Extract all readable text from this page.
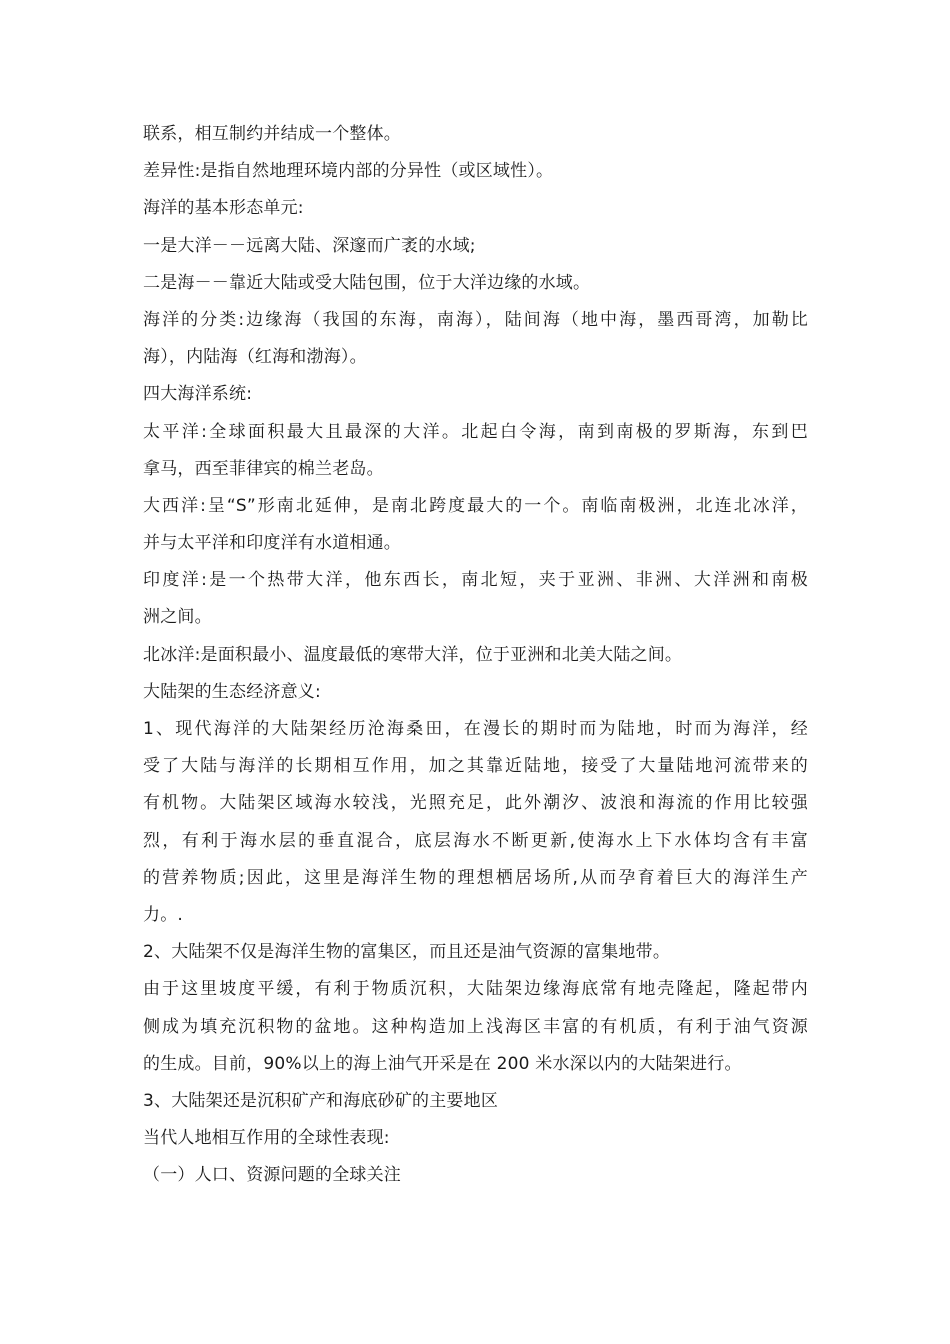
联系，相互制约并结成一个整体。
差异性:是指自然地理环境内部的分异性（或区域性）。
海洋的基本形态单元:
一是大洋－－远离大陆、深邃而广袤的水域;
二是海－－靠近大陆或受大陆包围，位于大洋边缘的水域。
海洋的分类:边缘海（我国的东海，南海），陆间海（地中海，墨西哥湾，加勒比
海），内陆海（红海和渤海）。
四大海洋系统:
太平洋:全球面积最大且最深的大洋。北起白令海，南到南极的罗斯海，东到巴
拿马，西至菲律宾的棉兰老岛。
大西洋:呈“S”形南北延伸，是南北跨度最大的一个。南临南极洲，北连北冰洋，
并与太平洋和印度洋有水道相通。
印度洋:是一个热带大洋，他东西长，南北短，夹于亚洲、非洲、大洋洲和南极
洲之间。
北冰洋:是面积最小、温度最低的寒带大洋，位于亚洲和北美大陆之间。
大陆架的生态经济意义:
1、现代海洋的大陆架经历沧海桑田，在漫长的期时而为陆地，时而为海洋，经
受了大陆与海洋的长期相互作用，加之其靠近陆地，接受了大量陆地河流带来的
有机物。大陆架区域海水较浅，光照充足，此外潮汐、波浪和海流的作用比较强
烈，有利于海水层的垂直混合，底层海水不断更新,使海水上下水体均含有丰富
的营养物质;因此，这里是海洋生物的理想栖居场所,从而孕育着巨大的海洋生产
力。.
2、大陆架不仅是海洋生物的富集区，而且还是油气资源的富集地带。
由于这里坡度平缓，有利于物质沉积，大陆架边缘海底常有地壳隆起，隆起带内
侧成为填充沉积物的盆地。这种构造加上浅海区丰富的有机质，有利于油气资源
的生成。目前，90%以上的海上油气开采是在 200 米水深以内的大陆架进行。
3、大陆架还是沉积矿产和海底砂矿的主要地区
当代人地相互作用的全球性表现:
（一）人口、资源问题的全球关注
